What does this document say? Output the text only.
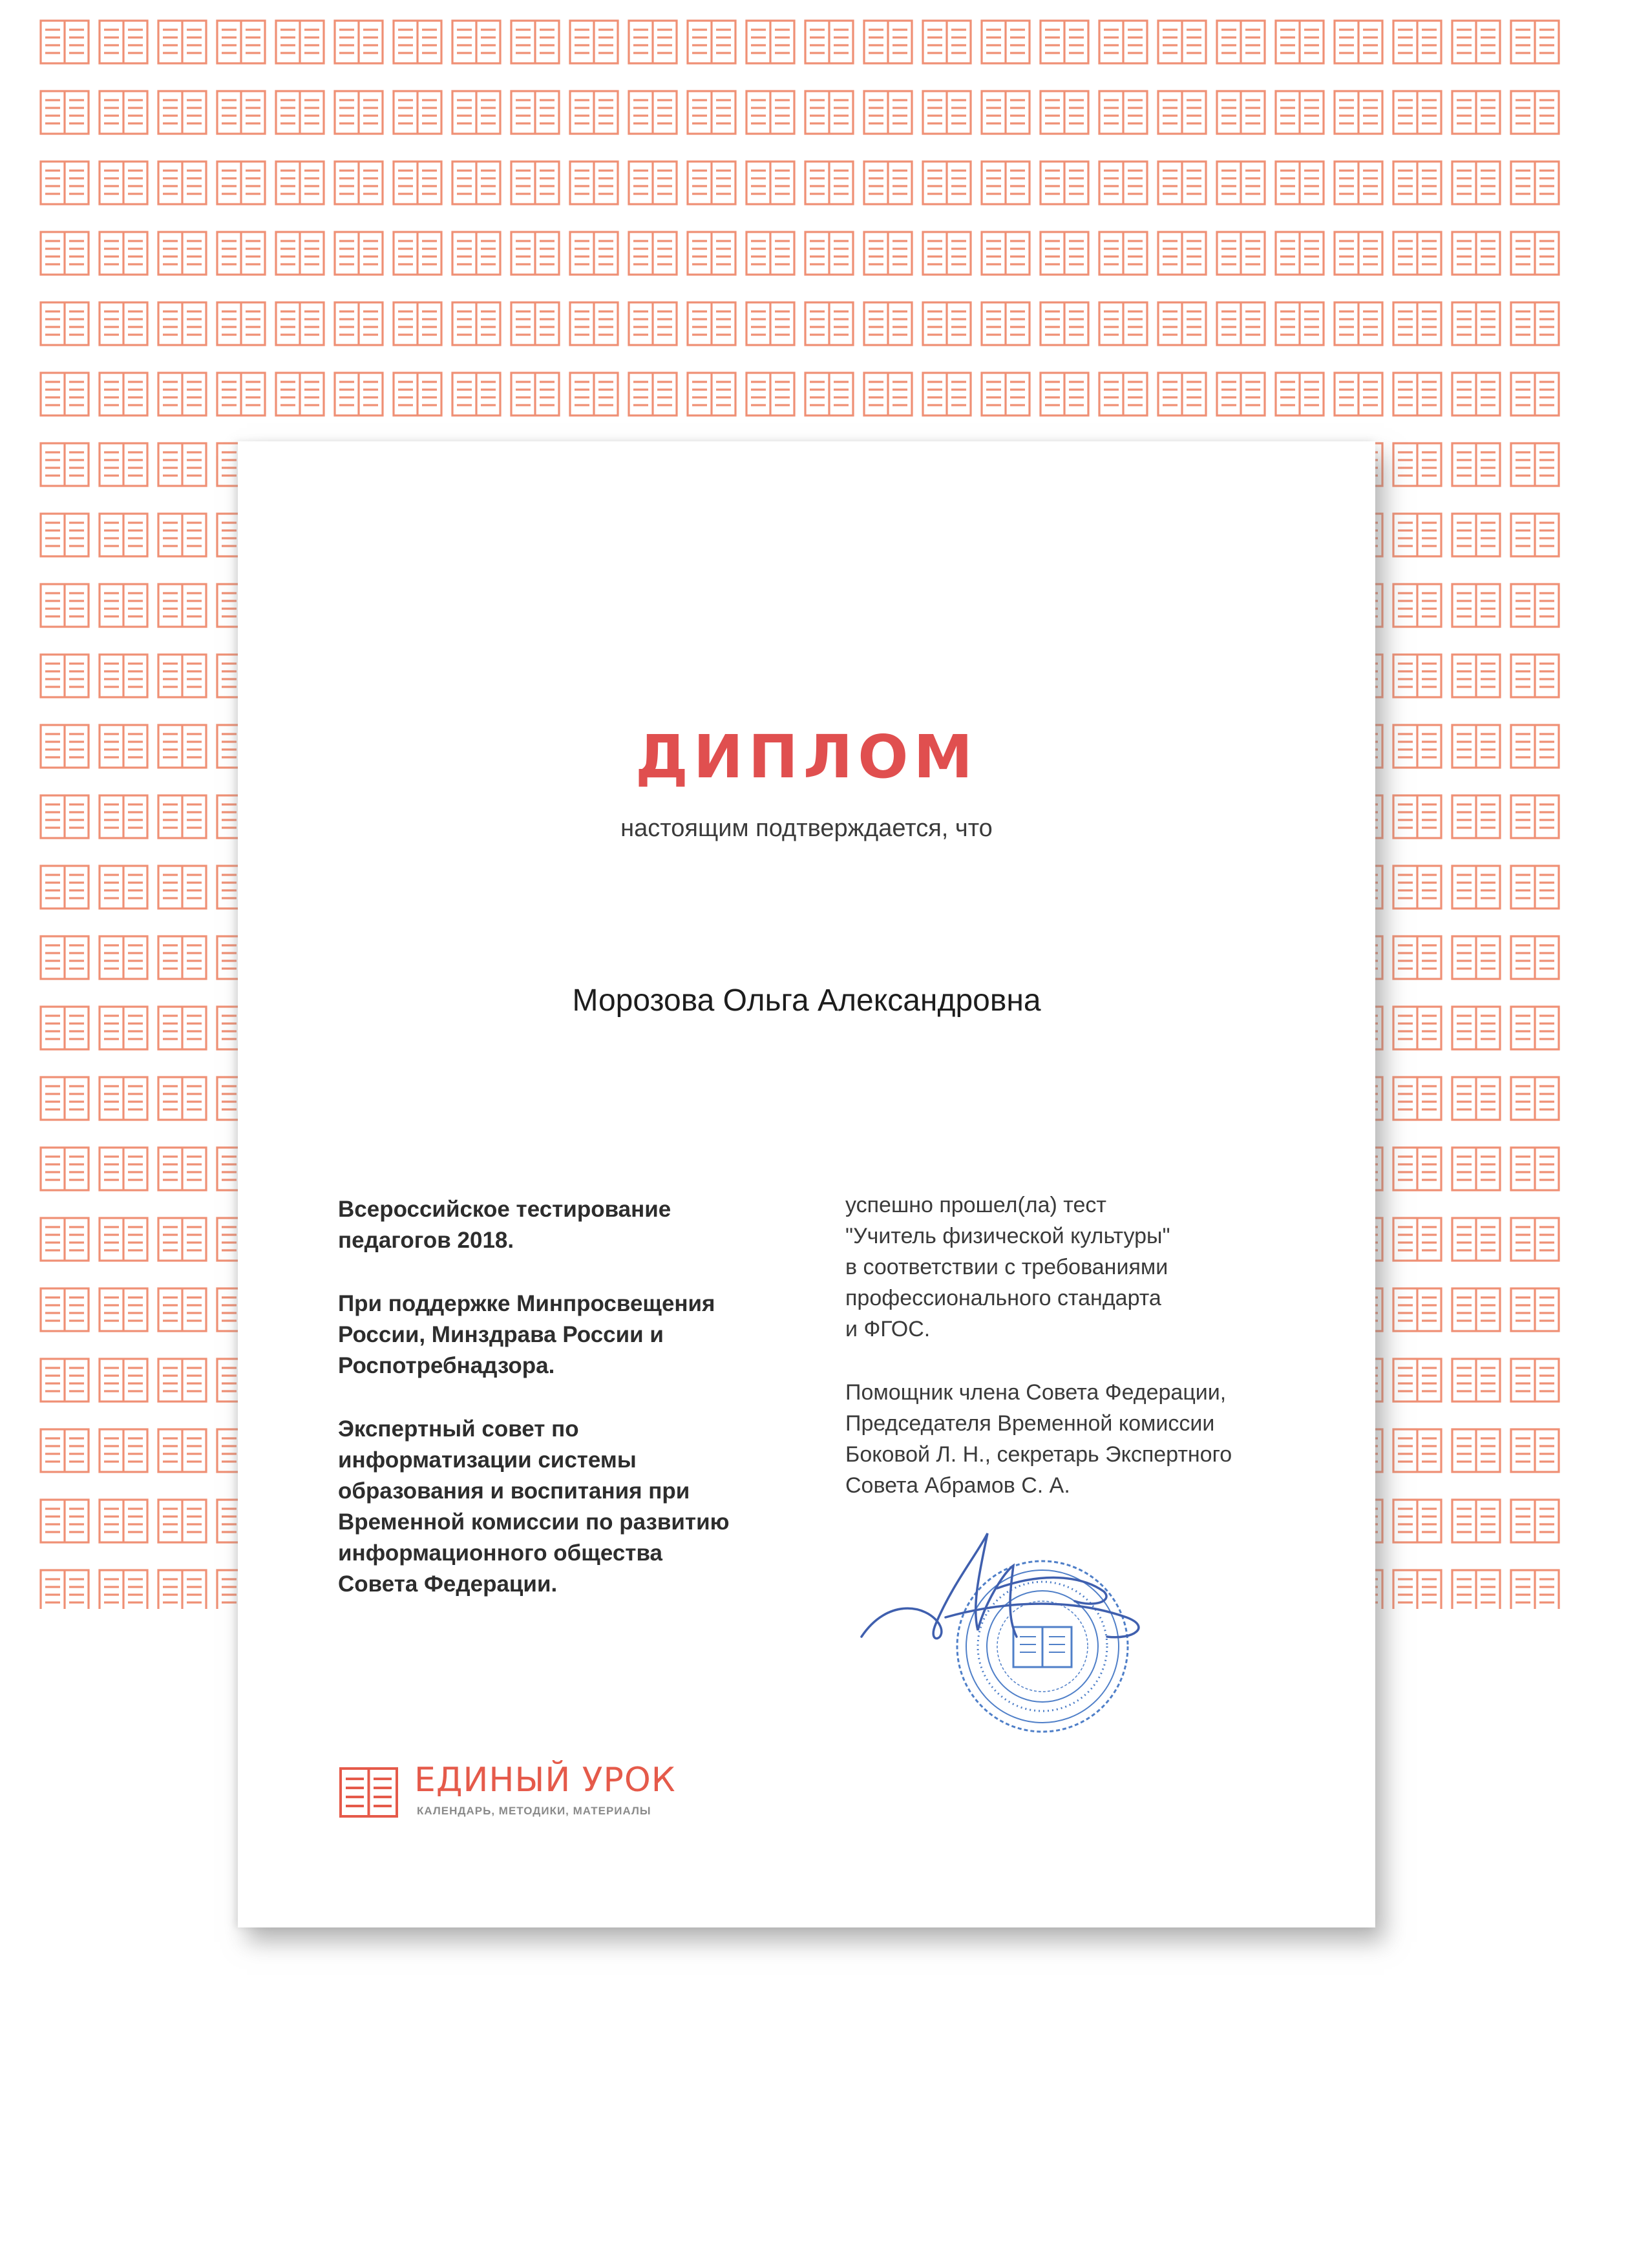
ДИПЛОМ
настоящим подтверждается, что
Морозова Ольга Александровна

Всероссийское тестирование
педагогов 2018.

При поддержке Минпросвещения
России, Минздрава России и
Роспотребнадзора.

Экспертный совет по
информатизации системы
образования и воспитания при
Временной комиссии по развитию
информационного общества
Совета Федерации.

успешно прошел(ла) тест
"Учитель физической культуры"
в соответствии с требованиями
профессионального стандарта
и ФГОС.

Помощник члена Совета Федерации,
Председателя Временной комиссии
Боковой Л. Н., секретарь Экспертного
Совета Абрамов С. А.

ЕДИНЫЙ УРОК
КАЛЕНДАРЬ, МЕТОДИКИ, МАТЕРИАЛЫ
